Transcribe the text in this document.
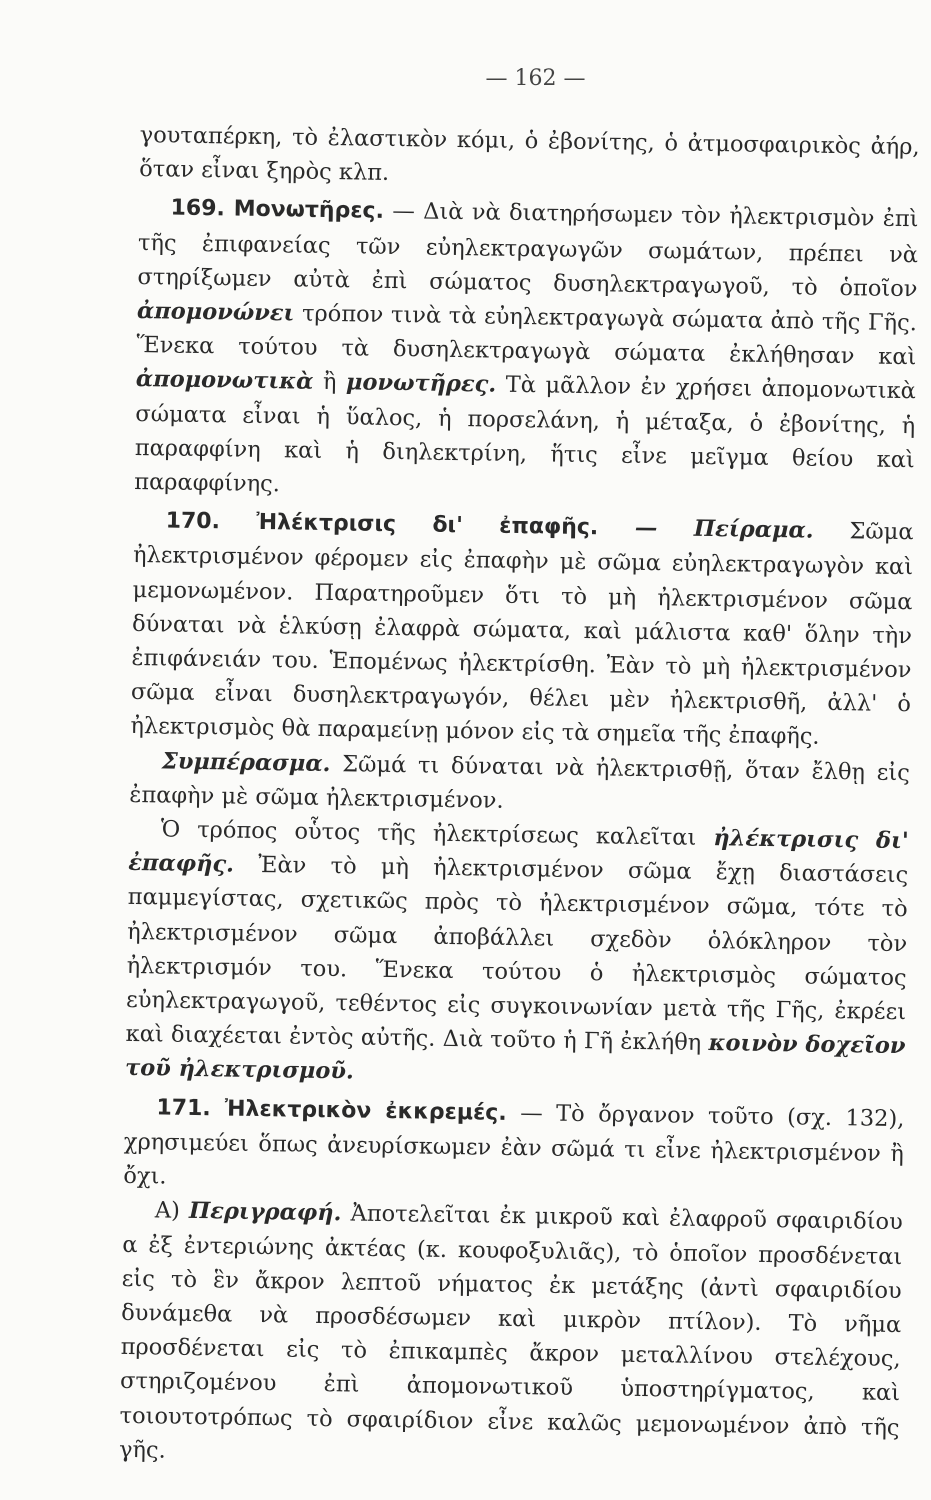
— 162 —

γουταπέρκη, τὸ ἐλαστικὸν κόμι, ὁ ἐβονίτης, ὁ ἀτμοσφαιρικὸς ἀήρ, ὅταν εἶναι ξηρὸς κλπ.

169. Μονωτῆρες. — Διὰ νὰ διατηρήσωμεν τὸν ἠλεκτρισμὸν ἐπὶ τῆς ἐπιφανείας τῶν εὐηλεκτραγωγῶν σωμάτων, πρέπει νὰ στηρίξωμεν αὐτὰ ἐπὶ σώματος δυσηλεκτραγωγοῦ, τὸ ὁποῖον ἀπομονώνει τρόπον τινὰ τὰ εὐηλεκτραγωγὰ σώματα ἀπὸ τῆς Γῆς. Ἕνεκα τούτου τὰ δυσηλεκτραγωγὰ σώματα ἐκλήθησαν καὶ ἀπομονωτικὰ ἢ μονωτῆρες. Τὰ μᾶλλον ἐν χρήσει ἀπομονωτικὰ σώματα εἶναι ἡ ὕαλος, ἡ πορσελάνη, ἡ μέταξα, ὁ ἐβονίτης, ἡ παραφφίνη καὶ ἡ διηλεκτρίνη, ἥτις εἶνε μεῖγμα θείου καὶ παραφφίνης.

170. Ἠλέκτρισις δι' ἐπαφῆς. — Πείραμα. Σῶμα ἠλεκτρισμένον φέρομεν εἰς ἐπαφὴν μὲ σῶμα εὐηλεκτραγωγὸν καὶ μεμονωμένον. Παρατηροῦμεν ὅτι τὸ μὴ ἠλεκτρισμένον σῶμα δύναται νὰ ἑλκύσῃ ἐλαφρὰ σώματα, καὶ μάλιστα καθ' ὅλην τὴν ἐπιφάνειάν του. Ἑπομένως ἠλεκτρίσθη. Ἐὰν τὸ μὴ ἠλεκτρισμένον σῶμα εἶναι δυσηλεκτραγωγόν, θέλει μὲν ἠλεκτρισθῆ, ἀλλ' ὁ ἠλεκτρισμὸς θὰ παραμείνῃ μόνον εἰς τὰ σημεῖα τῆς ἐπαφῆς.

Συμπέρασμα. Σῶμά τι δύναται νὰ ἠλεκτρισθῇ, ὅταν ἔλθῃ εἰς ἐπαφὴν μὲ σῶμα ἠλεκτρισμένον.

Ὁ τρόπος οὗτος τῆς ἠλεκτρίσεως καλεῖται ἠλέκτρισις δι' ἐπαφῆς. Ἐὰν τὸ μὴ ἠλεκτρισμένον σῶμα ἔχῃ διαστάσεις παμμεγίστας, σχετικῶς πρὸς τὸ ἠλεκτρισμένον σῶμα, τότε τὸ ἠλεκτρισμένον σῶμα ἀποβάλλει σχεδὸν ὁλόκληρον τὸν ἠλεκτρισμόν του. Ἕνεκα τούτου ὁ ἠλεκτρισμὸς σώματος εὐηλεκτραγωγοῦ, τεθέντος εἰς συγκοινωνίαν μετὰ τῆς Γῆς, ἐκρέει καὶ διαχέεται ἐντὸς αὐτῆς. Διὰ τοῦτο ἡ Γῆ ἐκλήθη κοινὸν δοχεῖον τοῦ ἠλεκτρισμοῦ.

171. Ἠλεκτρικὸν ἐκκρεμές. — Τὸ ὄργανον τοῦτο (σχ. 132), χρησιμεύει ὅπως ἀνευρίσκωμεν ἐὰν σῶμά τι εἶνε ἠλεκτρισμένον ἢ ὄχι.

Α) Περιγραφή. Ἀποτελεῖται ἐκ μικροῦ καὶ ἐλαφροῦ σφαιριδίου α ἐξ ἐντεριώνης ἀκτέας (κ. κουφοξυλιᾶς), τὸ ὁποῖον προσδένεται εἰς τὸ ἓν ἄκρον λεπτοῦ νήματος ἐκ μετάξης (ἀντὶ σφαιριδίου δυνάμεθα νὰ προσδέσωμεν καὶ μικρὸν πτίλον). Τὸ νῆμα προσδένεται εἰς τὸ ἐπικαμπὲς ἄκρον μεταλλίνου στελέχους, στηριζομένου ἐπὶ ἀπομονωτικοῦ ὑποστηρίγματος, καὶ τοιουτοτρόπως τὸ σφαιρίδιον εἶνε καλῶς μεμονωμένον ἀπὸ τῆς γῆς.
